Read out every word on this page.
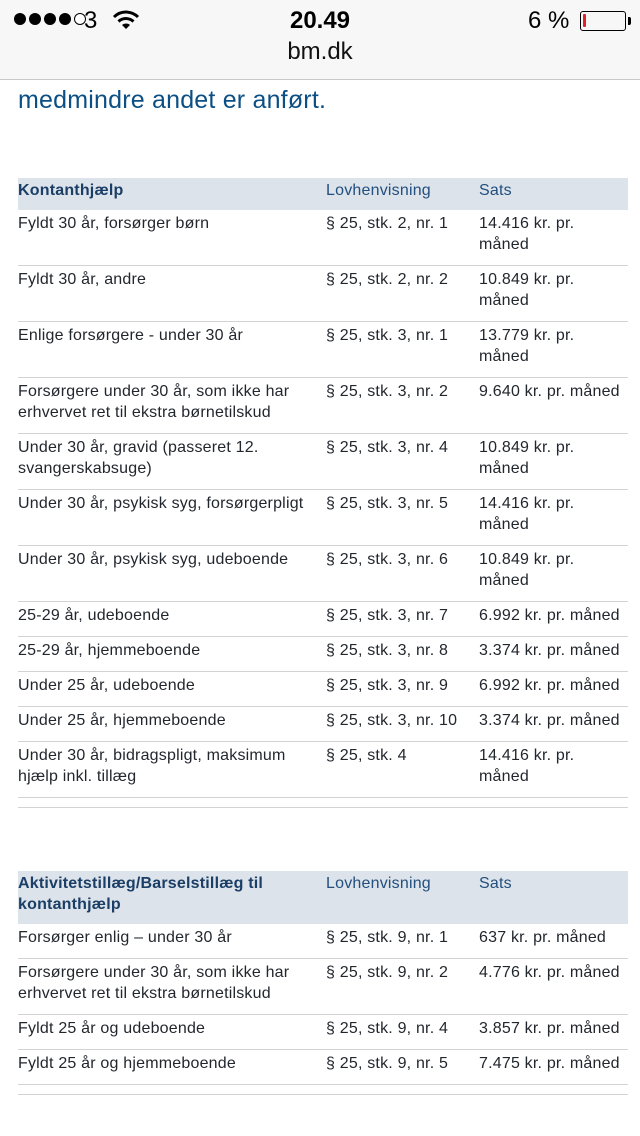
3	20.49	6 %
bm.dk
medmindre andet er anført.
Kontanthjælp	Lovhenvisning	Sats
Fyldt 30 år, forsørger børn	§ 25, stk. 2, nr. 1	14.416 kr. pr. måned
Fyldt 30 år, andre	§ 25, stk. 2, nr. 2	10.849 kr. pr. måned
Enlige forsørgere - under 30 år	§ 25, stk. 3, nr. 1	13.779 kr. pr. måned
Forsørgere under 30 år, som ikke har erhvervet ret til ekstra børnetilskud	§ 25, stk. 3, nr. 2	9.640 kr. pr. måned
Under 30 år, gravid (passeret 12. svangerskabsuge)	§ 25, stk. 3, nr. 4	10.849 kr. pr. måned
Under 30 år, psykisk syg, forsørgerpligt	§ 25, stk. 3, nr. 5	14.416 kr. pr. måned
Under 30 år, psykisk syg, udeboende	§ 25, stk. 3, nr. 6	10.849 kr. pr. måned
25-29 år, udeboende	§ 25, stk. 3, nr. 7	6.992 kr. pr. måned
25-29 år, hjemmeboende	§ 25, stk. 3, nr. 8	3.374 kr. pr. måned
Under 25 år, udeboende	§ 25, stk. 3, nr. 9	6.992 kr. pr. måned
Under 25 år, hjemmeboende	§ 25, stk. 3, nr. 10	3.374 kr. pr. måned
Under 30 år, bidragspligt, maksimum hjælp inkl. tillæg	§ 25, stk. 4	14.416 kr. pr. måned

Aktivitetstillæg/Barselstillæg til kontanthjælp	Lovhenvisning	Sats
Forsørger enlig – under 30 år	§ 25, stk. 9, nr. 1	637 kr. pr. måned
Forsørgere under 30 år, som ikke har erhvervet ret til ekstra børnetilskud	§ 25, stk. 9, nr. 2	4.776 kr. pr. måned
Fyldt 25 år og udeboende	§ 25, stk. 9, nr. 4	3.857 kr. pr. måned
Fyldt 25 år og hjemmeboende	§ 25, stk. 9, nr. 5	7.475 kr. pr. måned
